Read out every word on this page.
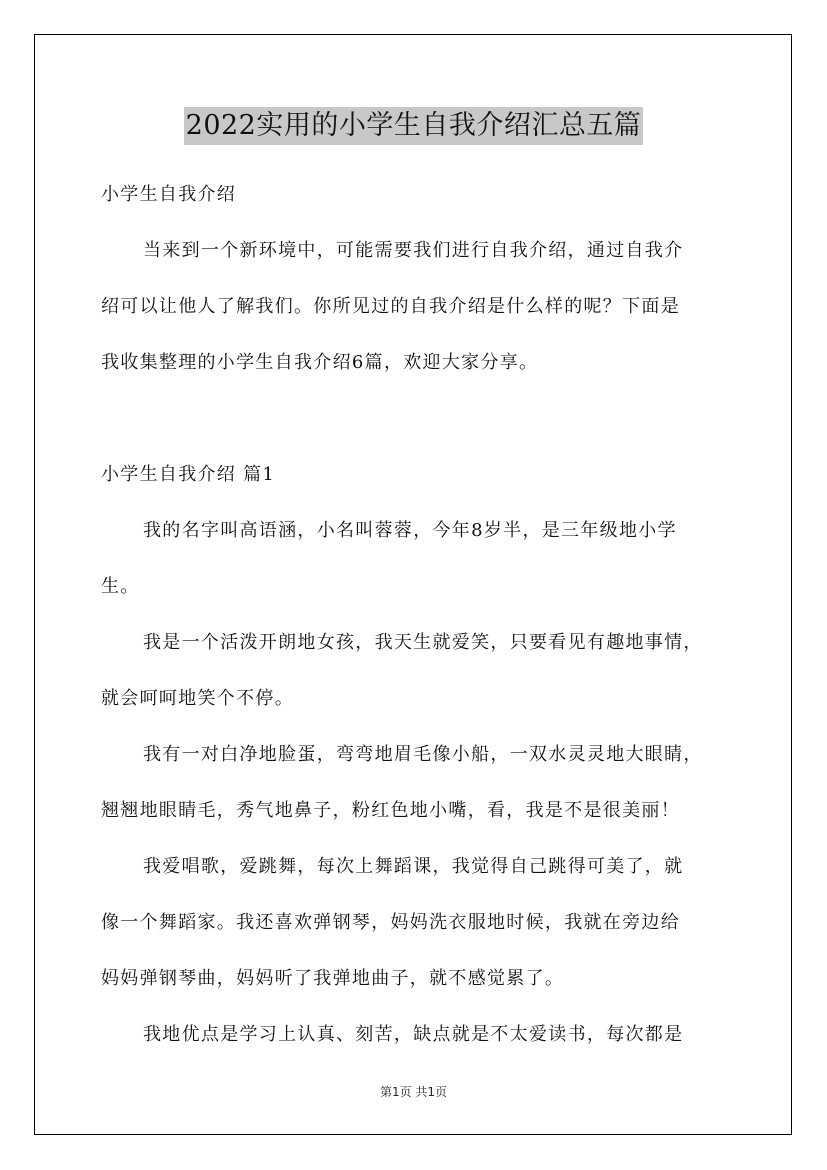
2022实用的小学生自我介绍汇总五篇
小学生自我介绍
当来到一个新环境中，可能需要我们进行自我介绍，通过自我介
绍可以让他人了解我们。你所见过的自我介绍是什么样的呢？下面是
我收集整理的小学生自我介绍6篇，欢迎大家分享。
小学生自我介绍 篇1
我的名字叫高语涵，小名叫蓉蓉，今年8岁半，是三年级地小学
生。
我是一个活泼开朗地女孩，我天生就爱笑，只要看见有趣地事情，
就会呵呵地笑个不停。
我有一对白净地脸蛋，弯弯地眉毛像小船，一双水灵灵地大眼睛，
翘翘地眼睛毛，秀气地鼻子，粉红色地小嘴，看，我是不是很美丽！
我爱唱歌，爱跳舞，每次上舞蹈课，我觉得自己跳得可美了，就
像一个舞蹈家。我还喜欢弹钢琴，妈妈洗衣服地时候，我就在旁边给
妈妈弹钢琴曲，妈妈听了我弹地曲子，就不感觉累了。
我地优点是学习上认真、刻苦，缺点就是不太爱读书，每次都是
第1页 共1页
